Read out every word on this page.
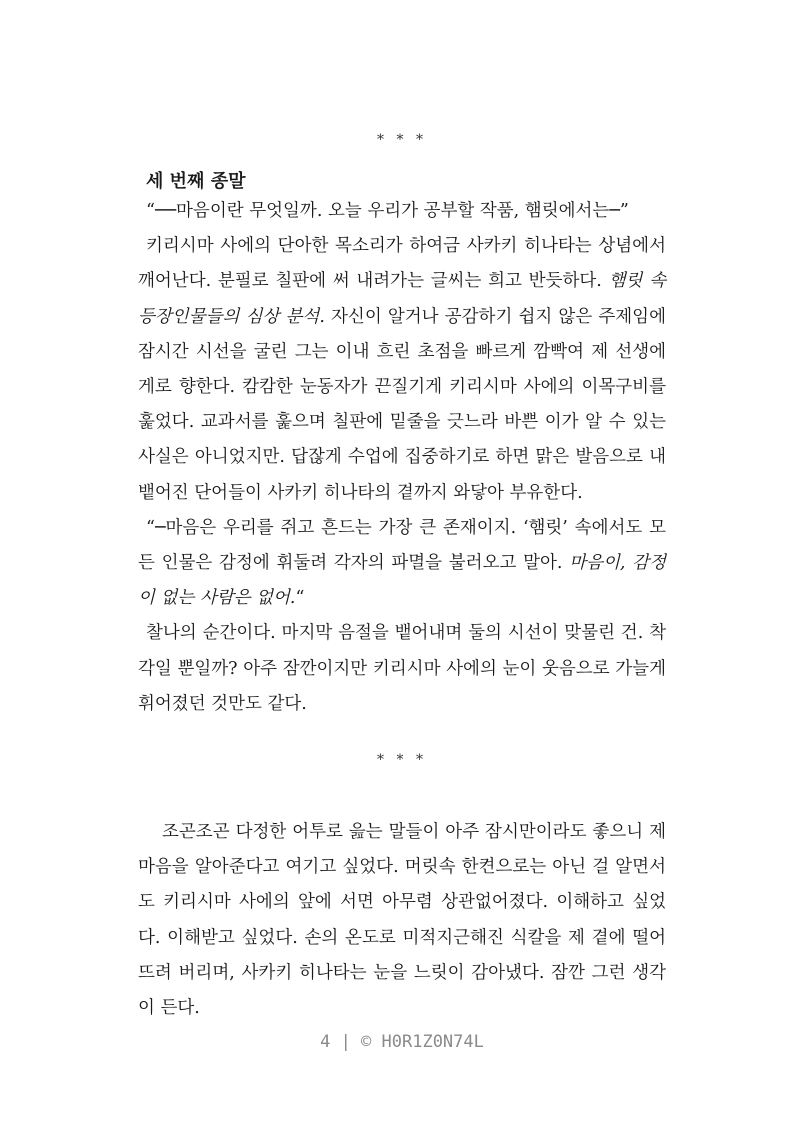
* * *
세 번째 종말

“──마음이란 무엇일까. 오늘 우리가 공부할 작품, 햄릿에서는─”

키리시마 사에의 단아한 목소리가 하여금 사카키 히나타는 상념에서 깨어난다. 분필로 칠판에 써 내려가는 글씨는 희고 반듯하다. 햄릿 속 등장인물들의 심상 분석. 자신이 알거나 공감하기 쉽지 않은 주제임에 잠시간 시선을 굴린 그는 이내 흐린 초점을 빠르게 깜빡여 제 선생에게로 향한다. 캄캄한 눈동자가 끈질기게 키리시마 사에의 이목구비를 훑었다. 교과서를 훑으며 칠판에 밑줄을 긋느라 바쁜 이가 알 수 있는 사실은 아니었지만. 답잖게 수업에 집중하기로 하면 맑은 발음으로 내뱉어진 단어들이 사카키 히나타의 곁까지 와닿아 부유한다.

“─마음은 우리를 쥐고 흔드는 가장 큰 존재이지. ‘햄릿’ 속에서도 모든 인물은 감정에 휘둘려 각자의 파멸을 불러오고 말아. 마음이, 감정이 없는 사람은 없어.“

찰나의 순간이다. 마지막 음절을 뱉어내며 둘의 시선이 맞물린 건. 착각일 뿐일까? 아주 잠깐이지만 키리시마 사에의 눈이 웃음으로 가늘게 휘어졌던 것만도 같다.

* * *

조곤조곤 다정한 어투로 읊는 말들이 아주 잠시만이라도 좋으니 제 마음을 알아준다고 여기고 싶었다. 머릿속 한켠으로는 아닌 걸 알면서도 키리시마 사에의 앞에 서면 아무렴 상관없어졌다. 이해하고 싶었다. 이해받고 싶었다. 손의 온도로 미적지근해진 식칼을 제 곁에 떨어뜨려 버리며, 사카키 히나타는 눈을 느릿이 감아냈다. 잠깐 그런 생각이 든다.

4 | © H0R1Z0N74L
